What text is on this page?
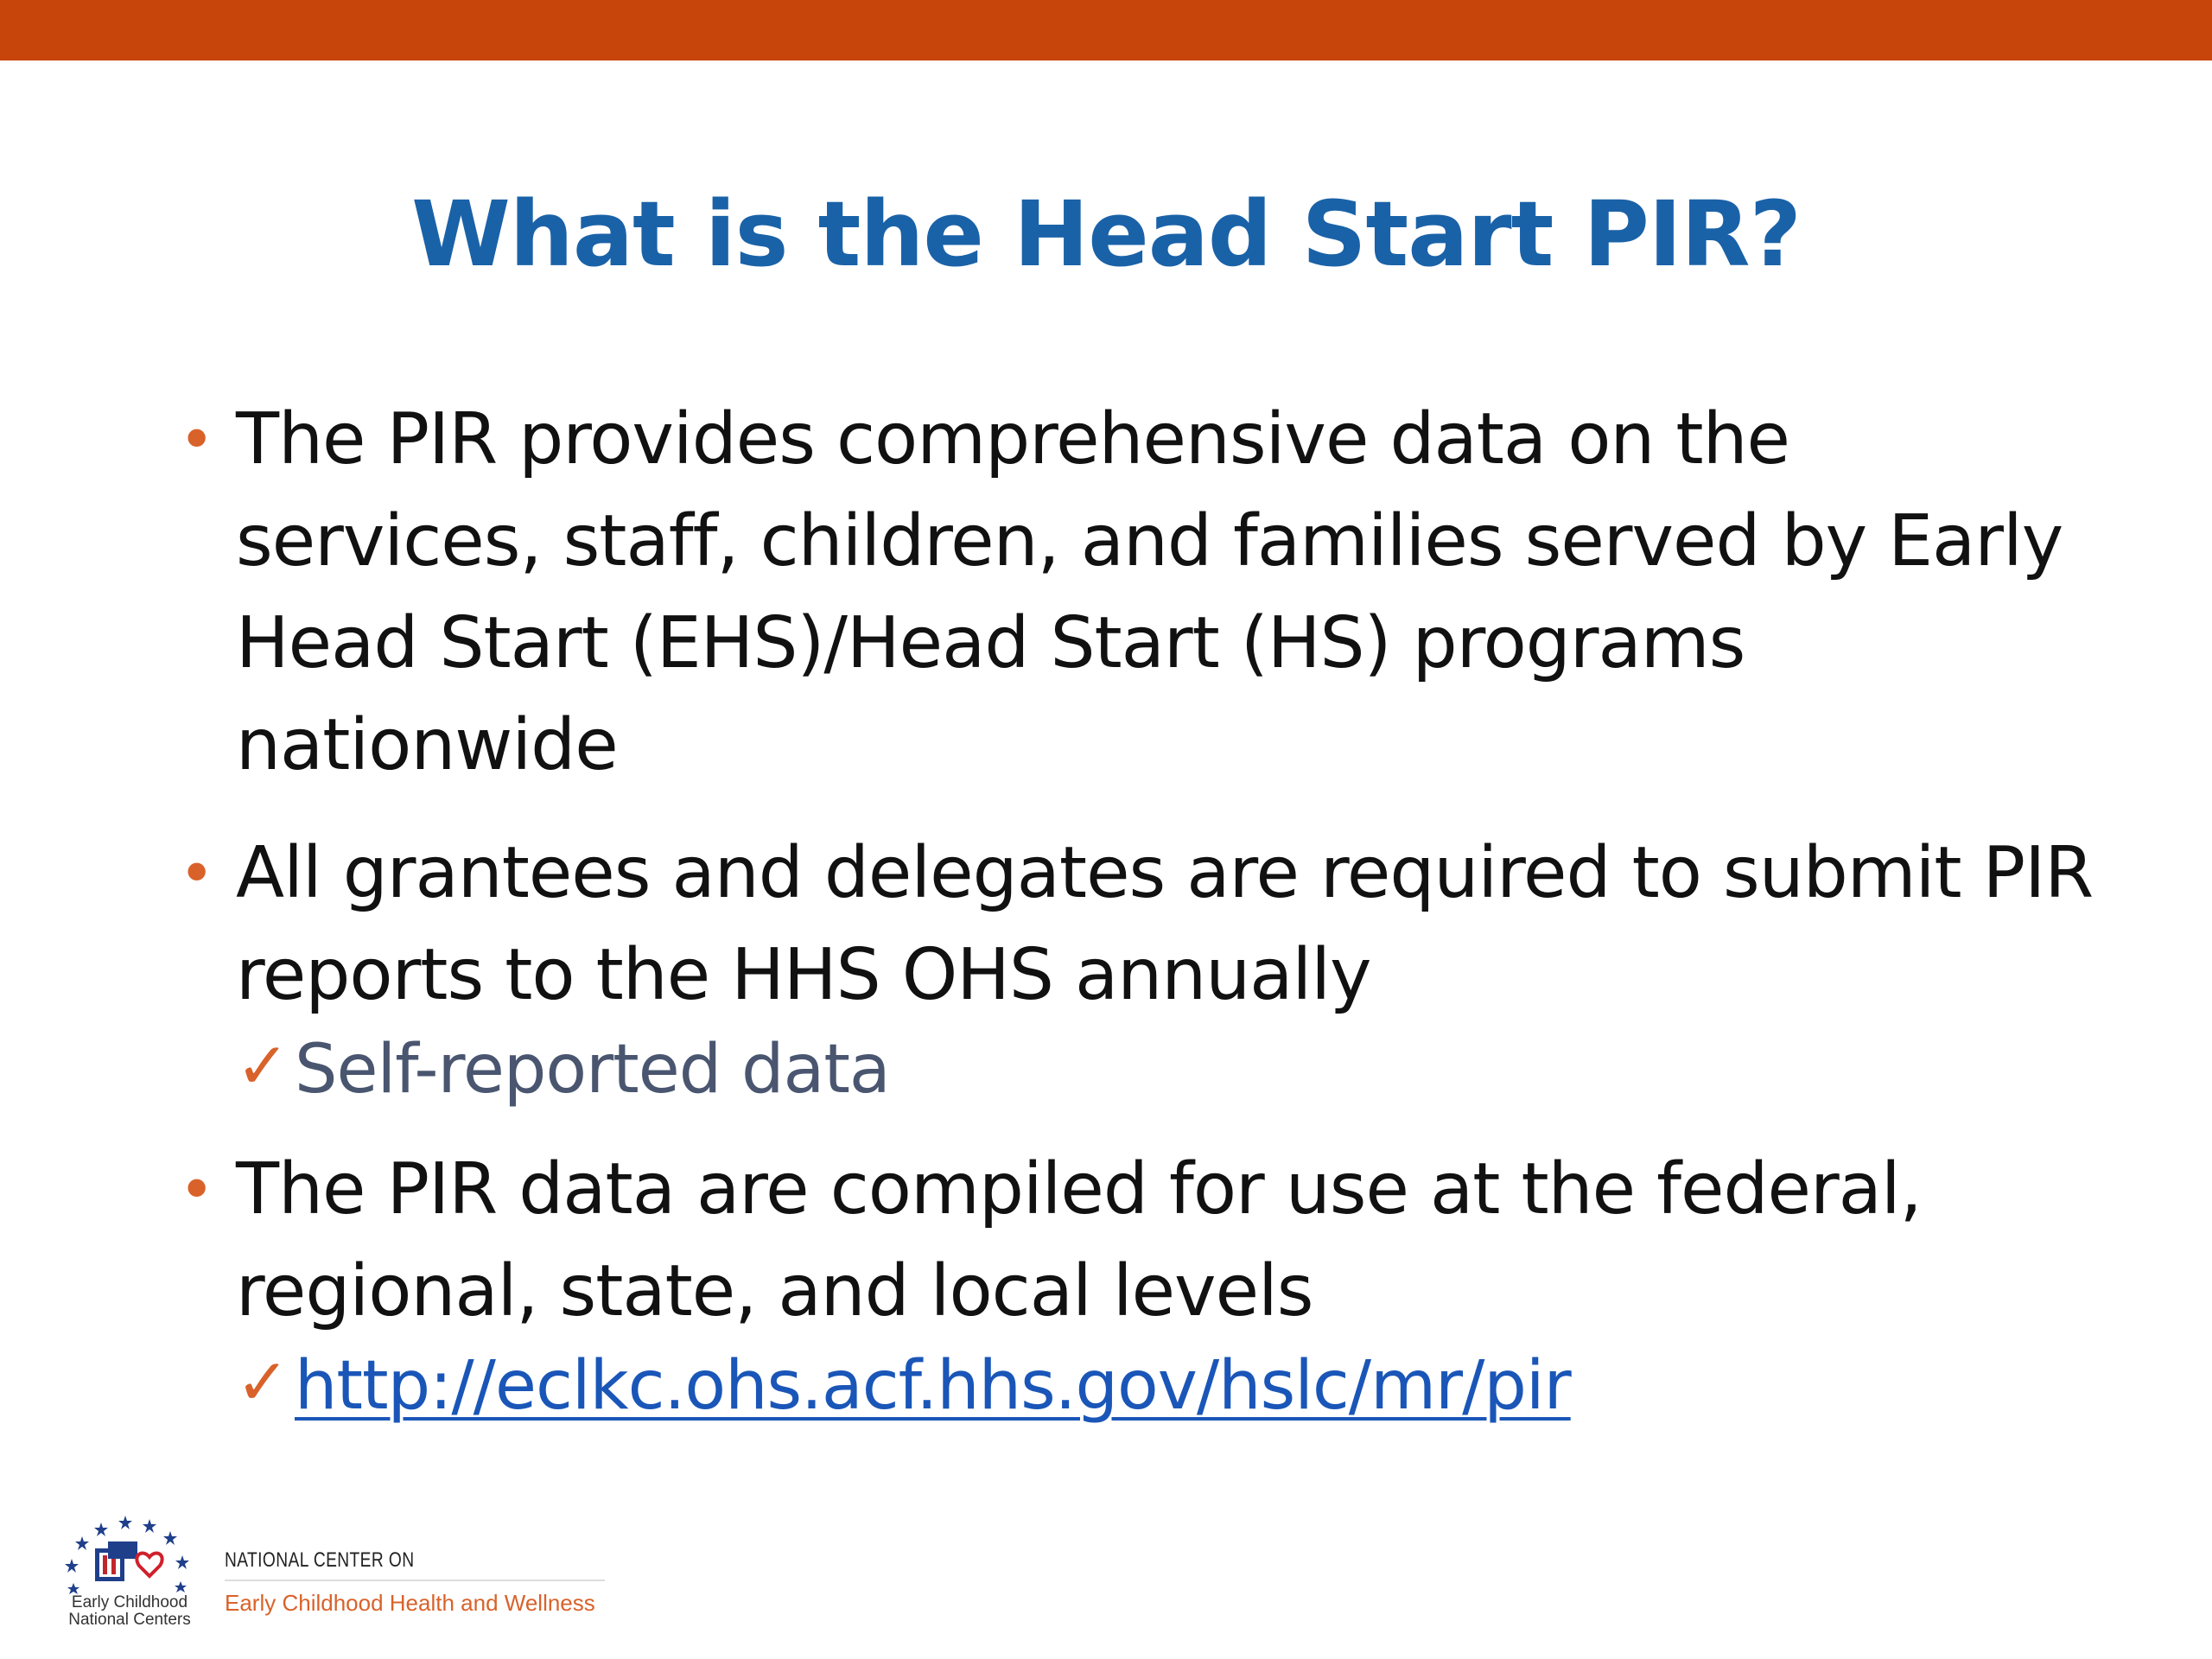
What is the Head Start PIR?
• The PIR provides comprehensive data on the services, staff, children, and families served by Early Head Start (EHS)/Head Start (HS) programs nationwide
• All grantees and delegates are required to submit PIR reports to the HHS OHS annually
✓ Self-reported data
• The PIR data are compiled for use at the federal, regional, state, and local levels
✓ http://eclkc.ohs.acf.hhs.gov/hslc/mr/pir
Early Childhood
National Centers
NATIONAL CENTER ON
Early Childhood Health and Wellness
